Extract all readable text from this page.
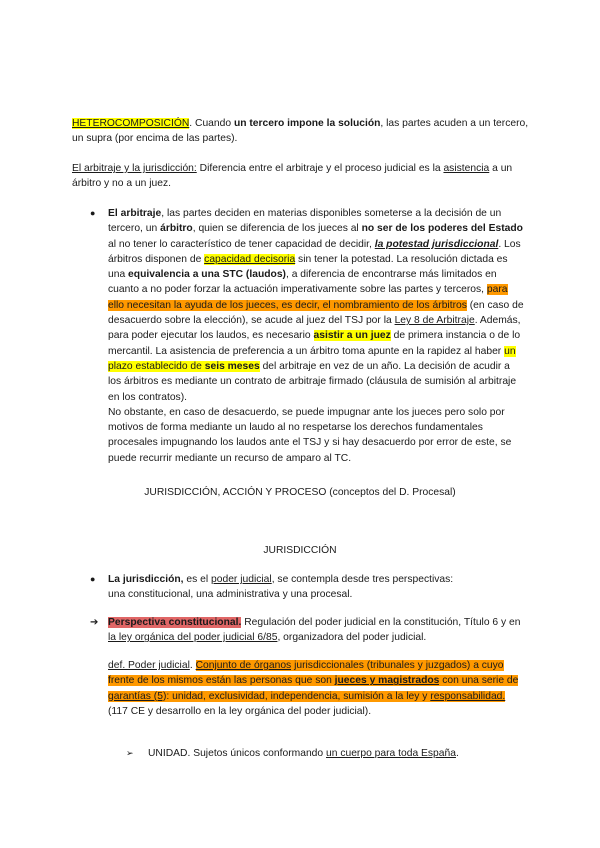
HETEROCOMPOSICIÓN. Cuando un tercero impone la solución, las partes acuden a un tercero, un supra (por encima de las partes).
El arbitraje y la jurisdicción: Diferencia entre el arbitraje y el proceso judicial es la asistencia a un árbitro y no a un juez.
● El arbitraje, las partes deciden en materias disponibles someterse a la decisión de un tercero, un árbitro, quien se diferencia de los jueces al no ser de los poderes del Estado al no tener lo característico de tener capacidad de decidir, la potestad jurisdiccional. Los árbitros disponen de capacidad decisoria sin tener la potestad. La resolución dictada es una equivalencia a una STC (laudos), a diferencia de encontrarse más limitados en cuanto a no poder forzar la actuación imperativamente sobre las partes y terceros, para ello necesitan la ayuda de los jueces, es decir, el nombramiento de los árbitros (en caso de desacuerdo sobre la elección), se acude al juez del TSJ por la Ley 8 de Arbitraje. Además, para poder ejecutar los laudos, es necesario asistir a un juez de primera instancia o de lo mercantil. La asistencia de preferencia a un árbitro toma apunte en la rapidez al haber un plazo establecido de seis meses del arbitraje en vez de un año. La decisión de acudir a los árbitros es mediante un contrato de arbitraje firmado (cláusula de sumisión al arbitraje en los contratos).
No obstante, en caso de desacuerdo, se puede impugnar ante los jueces pero solo por motivos de forma mediante un laudo al no respetarse los derechos fundamentales procesales impugnando los laudos ante el TSJ y si hay desacuerdo por error de este, se puede recurrir mediante un recurso de amparo al TC.
JURISDICCIÓN, ACCIÓN Y PROCESO (conceptos del D. Procesal)
JURISDICCIÓN
● La jurisdicción, es el poder judicial, se contempla desde tres perspectivas:
una constitucional, una administrativa y una procesal.
➔ Perspectiva constitucional. Regulación del poder judicial en la constitución, Título 6 y en la ley orgánica del poder judicial 6/85, organizadora del poder judicial.
def. Poder judicial. Conjunto de órganos jurisdiccionales (tribunales y juzgados) a cuyo frente de los mismos están las personas que son jueces y magistrados con una serie de garantías (5): unidad, exclusividad, independencia, sumisión a la ley y responsabilidad. (117 CE y desarrollo en la ley orgánica del poder judicial).
➢ UNIDAD. Sujetos únicos conformando un cuerpo para toda España.
